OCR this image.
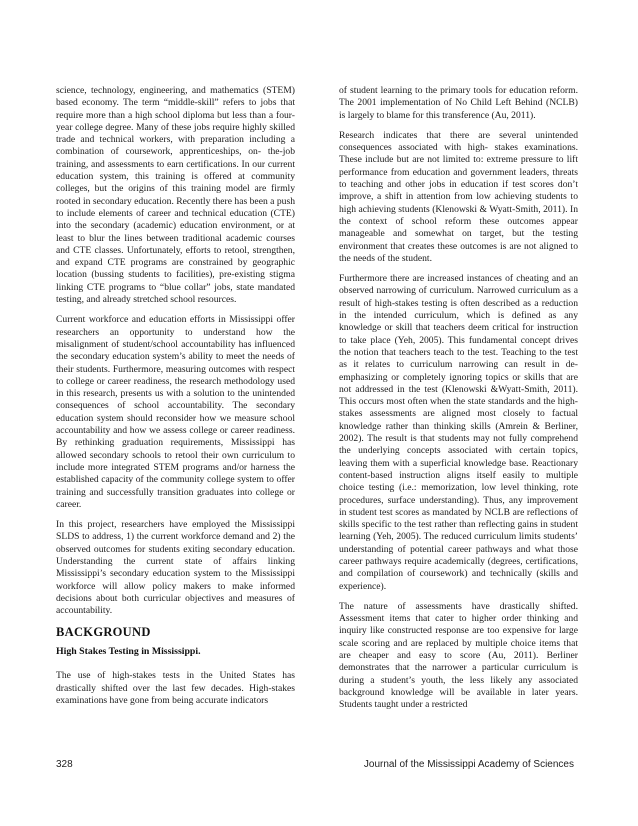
science, technology, engineering, and mathematics (STEM) based economy. The term “middle-skill” refers to jobs that require more than a high school diploma but less than a four-year college degree. Many of these jobs require highly skilled trade and technical workers, with preparation including a combination of coursework, apprenticeships, on- the-job training, and assessments to earn certifications. In our current education system, this training is offered at community colleges, but the origins of this training model are firmly rooted in secondary education. Recently there has been a push to include elements of career and technical education (CTE) into the secondary (academic) education environment, or at least to blur the lines between traditional academic courses and CTE classes. Unfortunately, efforts to retool, strengthen, and expand CTE programs are constrained by geographic location (bussing students to facilities), pre-existing stigma linking CTE programs to “blue collar” jobs, state mandated testing, and already stretched school resources.

Current workforce and education efforts in Mississippi offer researchers an opportunity to understand how the misalignment of student/school accountability has influenced the secondary education system’s ability to meet the needs of their students. Furthermore, measuring outcomes with respect to college or career readiness, the research methodology used in this research, presents us with a solution to the unintended consequences of school accountability. The secondary education system should reconsider how we measure school accountability and how we assess college or career readiness. By rethinking graduation requirements, Mississippi has allowed secondary schools to retool their own curriculum to include more integrated STEM programs and/or harness the established capacity of the community college system to offer training and successfully transition graduates into college or career.

In this project, researchers have employed the Mississippi SLDS to address, 1) the current workforce demand and 2) the observed outcomes for students exiting secondary education. Understanding the current state of affairs linking Mississippi’s secondary education system to the Mississippi workforce will allow policy makers to make informed decisions about both curricular objectives and measures of accountability.

BACKGROUND
High Stakes Testing in Mississippi.

The use of high-stakes tests in the United States has drastically shifted over the last few decades. High-stakes examinations have gone from being accurate indicators

of student learning to the primary tools for education reform. The 2001 implementation of No Child Left Behind (NCLB) is largely to blame for this transference (Au, 2011).

Research indicates that there are several unintended consequences associated with high- stakes examinations. These include but are not limited to: extreme pressure to lift performance from education and government leaders, threats to teaching and other jobs in education if test scores don’t improve, a shift in attention from low achieving students to high achieving students (Klenowski & Wyatt-Smith, 2011). In the context of school reform these outcomes appear manageable and somewhat on target, but the testing environment that creates these outcomes is are not aligned to the needs of the student.

Furthermore there are increased instances of cheating and an observed narrowing of curriculum. Narrowed curriculum as a result of high-stakes testing is often described as a reduction in the intended curriculum, which is defined as any knowledge or skill that teachers deem critical for instruction to take place (Yeh, 2005). This fundamental concept drives the notion that teachers teach to the test. Teaching to the test as it relates to curriculum narrowing can result in de-emphasizing or completely ignoring topics or skills that are not addressed in the test (Klenowski &Wyatt-Smith, 2011). This occurs most often when the state standards and the high-stakes assessments are aligned most closely to factual knowledge rather than thinking skills (Amrein & Berliner, 2002). The result is that students may not fully comprehend the underlying concepts associated with certain topics, leaving them with a superficial knowledge base. Reactionary content-based instruction aligns itself easily to multiple choice testing (i.e.: memorization, low level thinking, rote procedures, surface understanding). Thus, any improvement in student test scores as mandated by NCLB are reflections of skills specific to the test rather than reflecting gains in student learning (Yeh, 2005). The reduced curriculum limits students’ understanding of potential career pathways and what those career pathways require academically (degrees, certifications, and compilation of coursework) and technically (skills and experience).

The nature of assessments have drastically shifted. Assessment items that cater to higher order thinking and inquiry like constructed response are too expensive for large scale scoring and are replaced by multiple choice items that are cheaper and easy to score (Au, 2011). Berliner demonstrates that the narrower a particular curriculum is during a student’s youth, the less likely any associated background knowledge will be available in later years. Students taught under a restricted

328	Journal of the Mississippi Academy of Sciences
